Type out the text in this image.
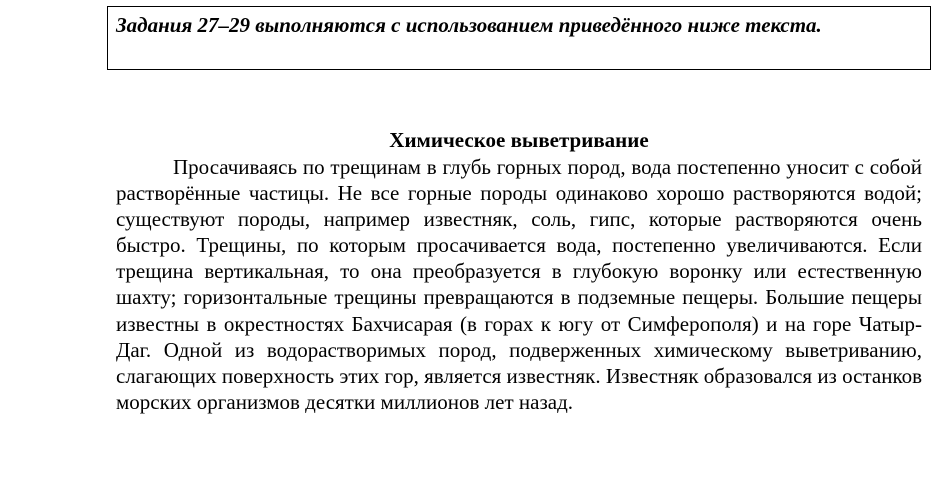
Задания 27–29 выполняются с использованием приведённого ниже текста.

Химическое выветривание

Просачиваясь по трещинам в глубь горных пород, вода постепенно уносит с собой растворённые частицы. Не все горные породы одинаково хорошо растворяются водой; существуют породы, например известняк, соль, гипс, которые растворяются очень быстро. Трещины, по которым просачивается вода, постепенно увеличиваются. Если трещина вертикальная, то она преобразуется в глубокую воронку или естественную шахту; горизонтальные трещины превращаются в подземные пещеры. Большие пещеры известны в окрестностях Бахчисарая (в горах к югу от Симферополя) и на горе Чатыр-Даг. Одной из водорастворимых пород, подверженных химическому выветриванию, слагающих поверхность этих гор, является известняк. Известняк образовался из останков морских организмов десятки миллионов лет назад.
